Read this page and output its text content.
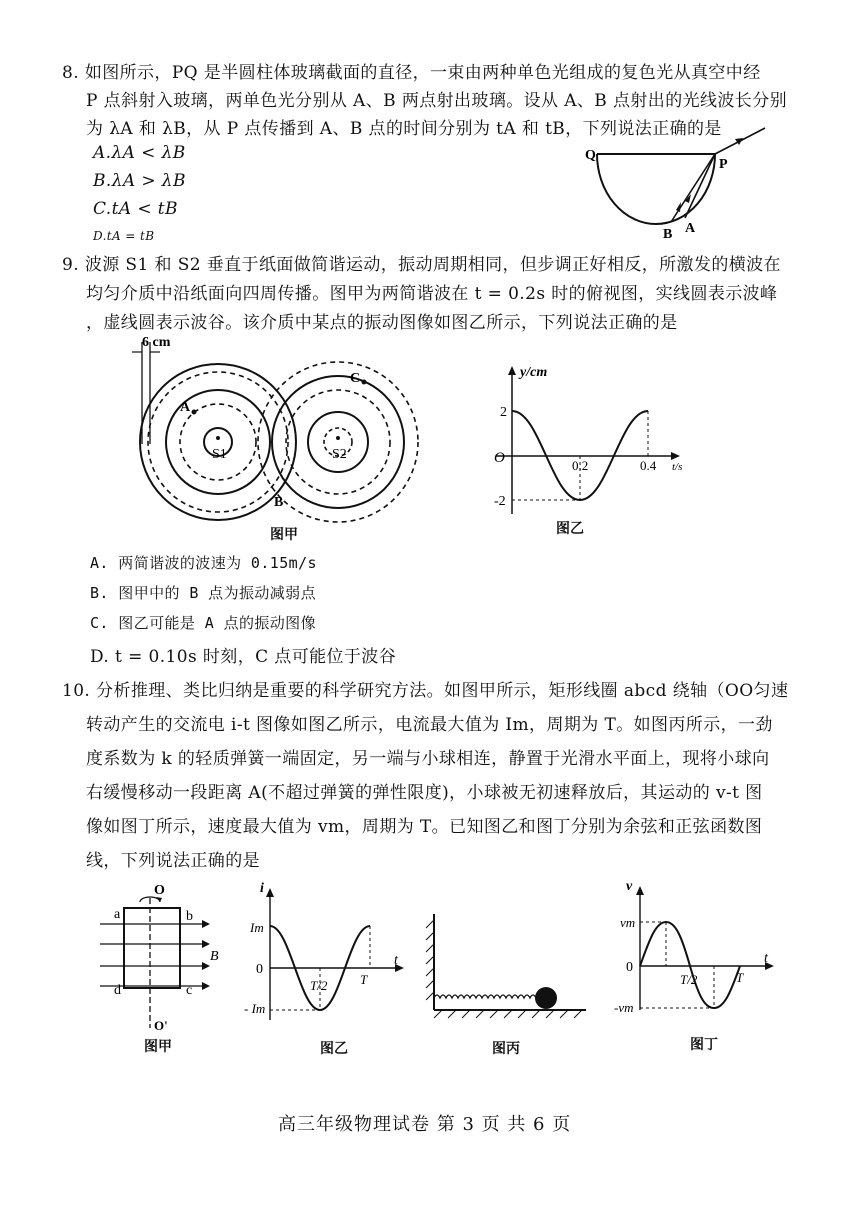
8. 如图所示，PQ 是半圆柱体玻璃截面的直径，一束由两种单色光组成的复色光从真空中经
P 点斜射入玻璃，两单色光分别从 A、B 两点射出玻璃。设从 A、B 点射出的光线波长分别
为 λA 和 λB，从 P 点传播到 A、B 点的时间分别为 tA 和 tB，下列说法正确的是
A.λA < λB
B.λA > λB
C.tA < tB
D.tA = tB
Q
P
B A
9. 波源 S1 和 S2 垂直于纸面做简谐运动，振动周期相同，但步调正好相反，所激发的横波在
均匀介质中沿纸面向四周传播。图甲为两简谐波在 t = 0.2s 时的俯视图，实线圆表示波峰
，虚线圆表示波谷。该介质中某点的振动图像如图乙所示，下列说法正确的是
6 cm
S1	S2
A
C
B
图甲
y/cm
t/s
O
2
-2
0.2	0.4
图乙
A. 两简谐波的波速为 0.15m/s
B. 图甲中的 B 点为振动减弱点
C. 图乙可能是 A 点的振动图像
D. t = 0.10s 时刻，C 点可能位于波谷
10. 分析推理、类比归纳是重要的科学研究方法。如图甲所示，矩形线圈 abcd 绕轴（OO匀速
转动产生的交流电 i-t 图像如图乙所示，电流最大值为 Im，周期为 T。如图丙所示，一劲
度系数为 k 的轻质弹簧一端固定，另一端与小球相连，静置于光滑水平面上，现将小球向
右缓慢移动一段距离 A(不超过弹簧的弹性限度)，小球被无初速释放后，其运动的 v-t 图
像如图丁所示，速度最大值为 vm，周期为 T。已知图乙和图丁分别为余弦和正弦函数图
线，下列说法正确的是
O
O'
a	b
d	c
B
图甲
i
t
0
Im
- Im
T/2	T
图乙	图丙
v
t
0
vm
-vm
T/2	T
图丁
高三年级物理试卷 第 3 页 共 6 页
